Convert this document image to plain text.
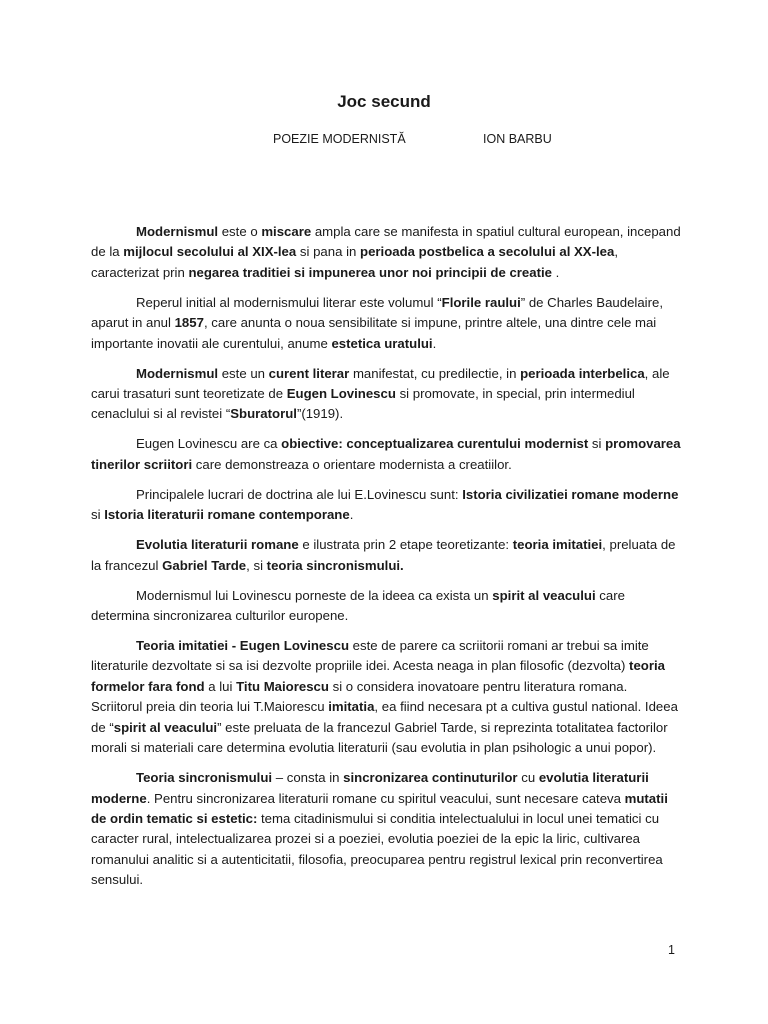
Joc secund
POEZIE MODERNISTĂ	ION BARBU

Modernismul este o miscare ampla care se manifesta in spatiul cultural european, incepand de la mijlocul secolului al XIX-lea si pana in perioada postbelica a secolului al XX-lea, caracterizat prin negarea traditiei si impunerea unor noi principii de creatie .

Reperul initial al modernismului literar este volumul “Florile raului” de Charles Baudelaire, aparut in anul 1857, care anunta o noua sensibilitate si impune, printre altele, una dintre cele mai importante inovatii ale curentului, anume estetica uratului.

Modernismul este un curent literar manifestat, cu predilectie, in perioada interbelica, ale carui trasaturi sunt teoretizate de Eugen Lovinescu si promovate, in special, prin intermediul cenaclului si al revistei “Sburatorul”(1919).

Eugen Lovinescu are ca obiective: conceptualizarea curentului modernist si promovarea tinerilor scriitori care demonstreaza o orientare modernista a creatiilor.

Principalele lucrari de doctrina ale lui E.Lovinescu sunt: Istoria civilizatiei romane moderne si Istoria literaturii romane contemporane.

Evolutia literaturii romane e ilustrata prin 2 etape teoretizante: teoria imitatiei, preluata de la francezul Gabriel Tarde, si teoria sincronismului.

Modernismul lui Lovinescu porneste de la ideea ca exista un spirit al veacului care determina sincronizarea culturilor europene.

Teoria imitatiei - Eugen Lovinescu este de parere ca scriitorii romani ar trebui sa imite literaturile dezvoltate si sa isi dezvolte propriile idei. Acesta neaga in plan filosofic (dezvolta) teoria formelor fara fond a lui Titu Maiorescu si o considera inovatoare pentru literatura romana. Scriitorul preia din teoria lui T.Maiorescu imitatia, ea fiind necesara pt a cultiva gustul national. Ideea de “spirit al veacului” este preluata de la francezul Gabriel Tarde, si reprezinta totalitatea factorilor morali si materiali care determina evolutia literaturii (sau evolutia in plan psihologic a unui popor).

Teoria sincronismului – consta in sincronizarea continuturilor cu evolutia literaturii moderne. Pentru sincronizarea literaturii romane cu spiritul veacului, sunt necesare cateva mutatii de ordin tematic si estetic: tema citadinismului si conditia intelectualului in locul unei tematici cu caracter rural, intelectualizarea prozei si a poeziei, evolutia poeziei de la epic la liric, cultivarea romanului analitic si a autenticitatii, filosofia, preocuparea pentru registrul lexical prin reconvertirea sensului.

1
